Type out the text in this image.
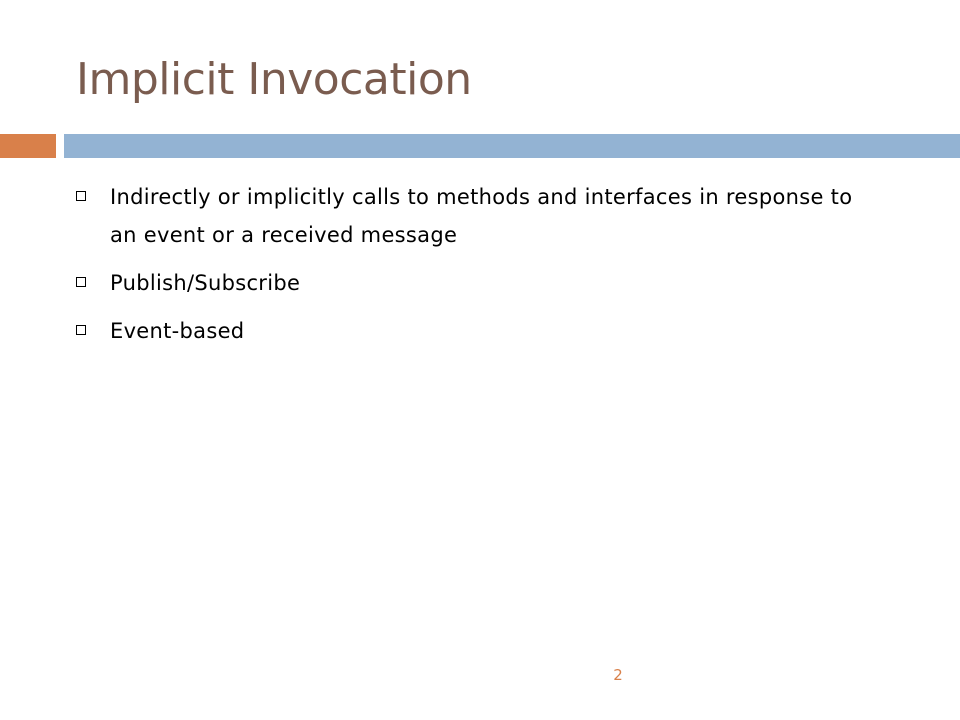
Implicit Invocation
Indirectly or implicitly calls to methods and interfaces in response to an event or a received message
Publish/Subscribe
Event-based
2
